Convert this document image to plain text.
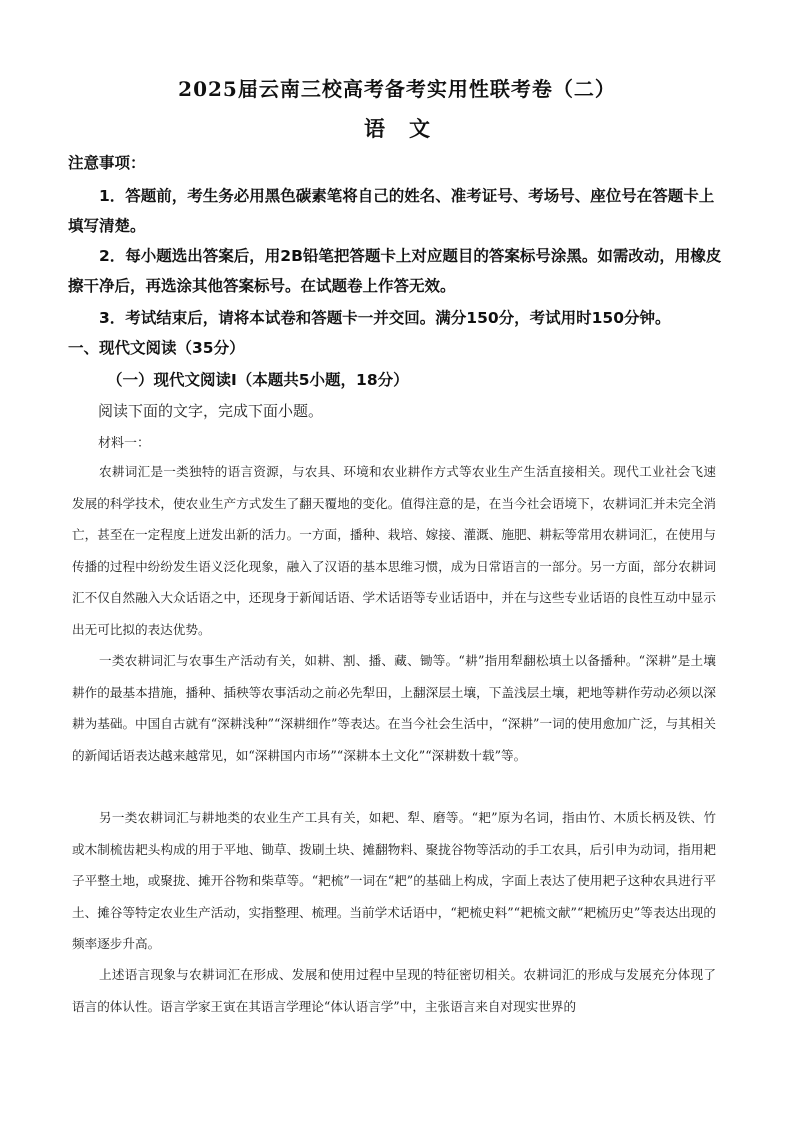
2025届云南三校高考备考实用性联考卷（二）
语文
注意事项：
1．答题前，考生务必用黑色碳素笔将自己的姓名、准考证号、考场号、座位号在答题卡上填写清楚。
2．每小题选出答案后，用2B铅笔把答题卡上对应题目的答案标号涂黑。如需改动，用橡皮擦干净后，再选涂其他答案标号。在试题卷上作答无效。
3．考试结束后，请将本试卷和答题卡一并交回。满分150分，考试用时150分钟。
一、现代文阅读（35分）
（一）现代文阅读Ⅰ（本题共5小题，18分）
阅读下面的文字，完成下面小题。
材料一：

农耕词汇是一类独特的语言资源，与农具、环境和农业耕作方式等农业生产生活直接相关。现代工业社会飞速发展的科学技术，使农业生产方式发生了翻天覆地的变化。值得注意的是，在当今社会语境下，农耕词汇并未完全消亡，甚至在一定程度上迸发出新的活力。一方面，播种、栽培、嫁接、灌溉、施肥、耕耘等常用农耕词汇，在使用与传播的过程中纷纷发生语义泛化现象，融入了汉语的基本思维习惯，成为日常语言的一部分。另一方面，部分农耕词汇不仅自然融入大众话语之中，还现身于新闻话语、学术话语等专业话语中，并在与这些专业话语的良性互动中显示出无可比拟的表达优势。

一类农耕词汇与农事生产活动有关，如耕、割、播、藏、锄等。“耕”指用犁翻松填土以备播种。“深耕”是土壤耕作的最基本措施，播种、插秧等农事活动之前必先犁田，上翻深层土壤，下盖浅层土壤，耙地等耕作劳动必须以深耕为基础。中国自古就有“深耕浅种”“深耕细作”等表达。在当今社会生活中，“深耕”一词的使用愈加广泛，与其相关的新闻话语表达越来越常见，如“深耕国内市场”“深耕本土文化”“深耕数十载”等。

另一类农耕词汇与耕地类的农业生产工具有关，如耙、犁、磨等。“耙”原为名词，指由竹、木质长柄及铁、竹或木制梳齿耙头构成的用于平地、锄草、拨刷土块、摊翻物料、聚拢谷物等活动的手工农具，后引申为动词，指用耙子平整土地，或聚拢、摊开谷物和柴草等。“耙梳”一词在“耙”的基础上构成，字面上表达了使用耙子这种农具进行平土、摊谷等特定农业生产活动，实指整理、梳理。当前学术话语中，“耙梳史料”“耙梳文献”“耙梳历史”等表达出现的频率逐步升高。

上述语言现象与农耕词汇在形成、发展和使用过程中呈现的特征密切相关。农耕词汇的形成与发展充分体现了语言的体认性。语言学家王寅在其语言学理论“体认语言学”中，主张语言来自对现实世界的
